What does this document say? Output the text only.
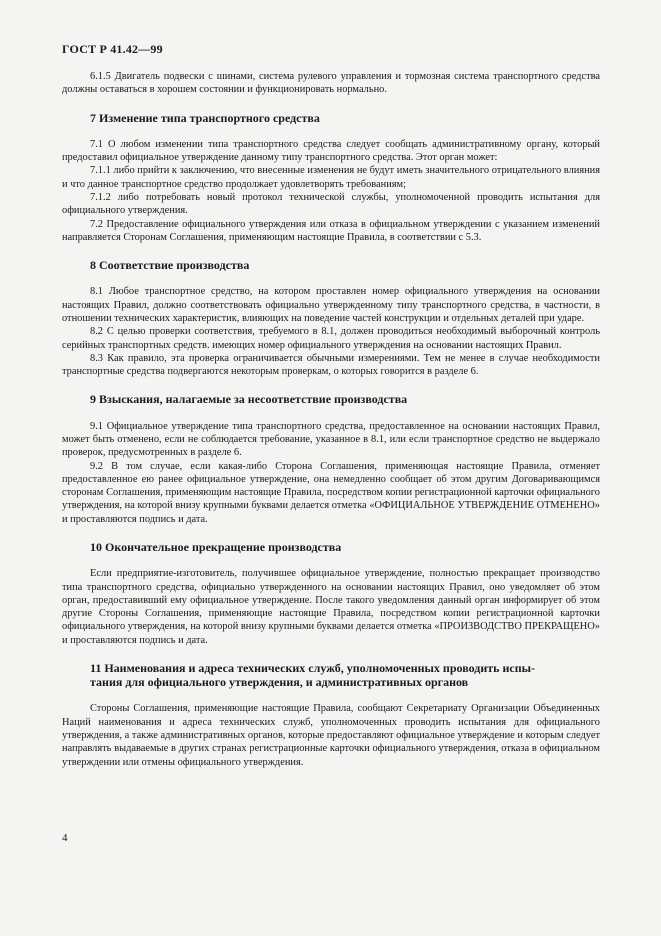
ГОСТ Р 41.42—99

6.1.5 Двигатель подвески с шинами, система рулевого управления и тормозная система транспортного средства должны оставаться в хорошем состоянии и функционировать нормально.

7 Изменение типа транспортного средства

7.1 О любом изменении типа транспортного средства следует сообщать административному органу, который предоставил официальное утверждение данному типу транспортного средства. Этот орган может:

7.1.1 либо прийти к заключению, что внесенные изменения не будут иметь значительного отрицательного влияния и что данное транспортное средство продолжает удовлетворять требованиям;

7.1.2 либо потребовать новый протокол технической службы, уполномоченной проводить испытания для официального утверждения.

7.2 Предоставление официального утверждения или отказа в официальном утверждении с указанием изменений направляется Сторонам Соглашения, применяющим настоящие Правила, в соответствии с 5.3.

8 Соответствие производства

8.1 Любое транспортное средство, на котором проставлен номер официального утверждения на основании настоящих Правил, должно соответствовать официально утвержденному типу транспортного средства, в частности, в отношении технических характеристик, влияющих на поведение частей конструкции и отдельных деталей при ударе.

8.2 С целью проверки соответствия, требуемого в 8.1, должен проводиться необходимый выборочный контроль серийных транспортных средств. имеющих номер официального утверждения на основании настоящих Правил.

8.3 Как правило, эта проверка ограничивается обычными измерениями. Тем не менее в случае необходимости транспортные средства подвергаются некоторым проверкам, о которых говорится в разделе 6.

9 Взыскания, налагаемые за несоответствие производства

9.1 Официальное утверждение типа транспортного средства, предоставленное на основании настоящих Правил, может быть отменено, если не соблюдается требование, указанное в 8.1, или если транспортное средство не выдержало проверок, предусмотренных в разделе 6.

9.2 В том случае, если какая-либо Сторона Соглашения, применяющая настоящие Правила, отменяет предоставленное ею ранее официальное утверждение, она немедленно сообщает об этом другим Договаривающимся сторонам Соглашения, применяющим настоящие Правила, посредством копии регистрационной карточки официального утверждения, на которой внизу крупными буквами делается отметка «ОФИЦИАЛЬНОЕ УТВЕРЖДЕНИЕ ОТМЕНЕНО» и проставляются подпись и дата.

10 Окончательное прекращение производства

Если предприятие-изготовитель, получившее официальное утверждение, полностью прекращает производство типа транспортного средства, официально утвержденного на основании настоящих Правил, оно уведомляет об этом орган, предоставивший ему официальное утверждение. После такого уведомления данный орган информирует об этом другие Стороны Соглашения, применяющие настоящие Правила, посредством копии регистрационной карточки официального утверждения, на которой внизу крупными буквами делается отметка «ПРОИЗВОДСТВО ПРЕКРАЩЕНО» и проставляются подпись и дата.

11 Наименования и адреса технических служб, уполномоченных проводить испы-
тания для официального утверждения, и административных органов

Стороны Соглашения, применяющие настоящие Правила, сообщают Секретариату Организации Объединенных Наций наименования и адреса технических служб, уполномоченных проводить испытания для официального утверждения, а также административных органов, которые предоставляют официальное утверждение и которым следует направлять выдаваемые в других странах регистрационные карточки официального утверждения, отказа в официальном утверждении или отмены официального утверждения.

4
